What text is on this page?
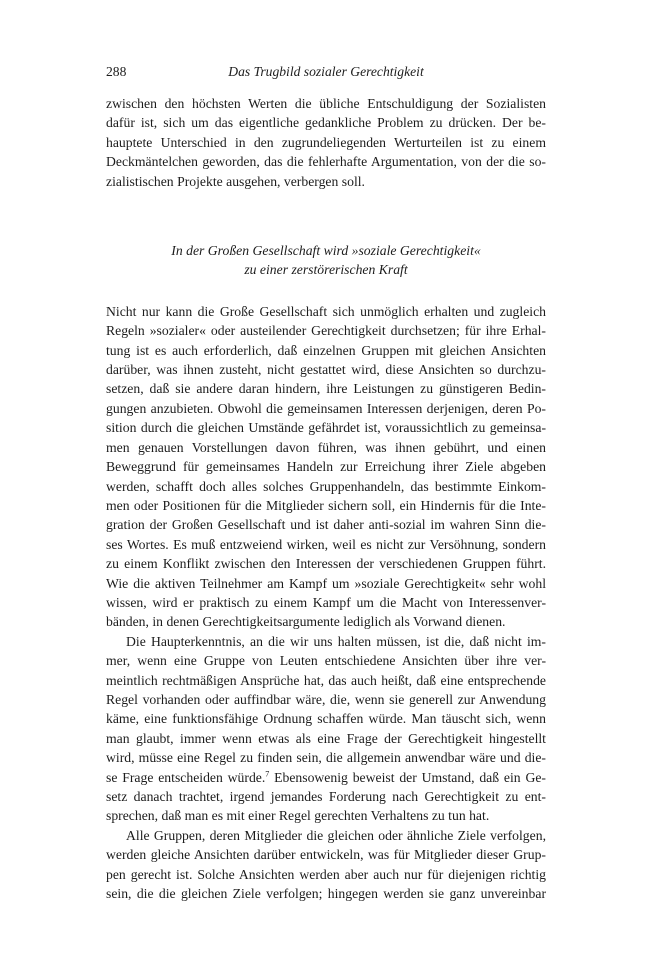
288	Das Trugbild sozialer Gerechtigkeit

zwischen den höchsten Werten die übliche Entschuldigung der Sozialisten
dafür ist, sich um das eigentliche gedankliche Problem zu drücken. Der be-
hauptete Unterschied in den zugrundeliegenden Werturteilen ist zu einem
Deckmäntelchen geworden, das die fehlerhafte Argumentation, von der die so-
zialistischen Projekte ausgehen, verbergen soll.

In der Großen Gesellschaft wird »soziale Gerechtigkeit«
zu einer zerstörerischen Kraft

Nicht nur kann die Große Gesellschaft sich unmöglich erhalten und zugleich
Regeln »sozialer« oder austeilender Gerechtigkeit durchsetzen; für ihre Erhal-
tung ist es auch erforderlich, daß einzelnen Gruppen mit gleichen Ansichten
darüber, was ihnen zusteht, nicht gestattet wird, diese Ansichten so durchzu-
setzen, daß sie andere daran hindern, ihre Leistungen zu günstigeren Bedin-
gungen anzubieten. Obwohl die gemeinsamen Interessen derjenigen, deren Po-
sition durch die gleichen Umstände gefährdet ist, voraussichtlich zu gemeinsa-
men genauen Vorstellungen davon führen, was ihnen gebührt, und einen
Beweggrund für gemeinsames Handeln zur Erreichung ihrer Ziele abgeben
werden, schafft doch alles solches Gruppenhandeln, das bestimmte Einkom-
men oder Positionen für die Mitglieder sichern soll, ein Hindernis für die Inte-
gration der Großen Gesellschaft und ist daher anti-sozial im wahren Sinn die-
ses Wortes. Es muß entzweiend wirken, weil es nicht zur Versöhnung, sondern
zu einem Konflikt zwischen den Interessen der verschiedenen Gruppen führt.
Wie die aktiven Teilnehmer am Kampf um »soziale Gerechtigkeit« sehr wohl
wissen, wird er praktisch zu einem Kampf um die Macht von Interessenver-
bänden, in denen Gerechtigkeitsargumente lediglich als Vorwand dienen.

Die Haupterkenntnis, an die wir uns halten müssen, ist die, daß nicht im-
mer, wenn eine Gruppe von Leuten entschiedene Ansichten über ihre ver-
meintlich rechtmäßigen Ansprüche hat, das auch heißt, daß eine entsprechende
Regel vorhanden oder auffindbar wäre, die, wenn sie generell zur Anwendung
käme, eine funktionsfähige Ordnung schaffen würde. Man täuscht sich, wenn
man glaubt, immer wenn etwas als eine Frage der Gerechtigkeit hingestellt
wird, müsse eine Regel zu finden sein, die allgemein anwendbar wäre und die-
se Frage entscheiden würde.$^7$ Ebensowenig beweist der Umstand, daß ein Ge-
setz danach trachtet, irgend jemandes Forderung nach Gerechtigkeit zu ent-
sprechen, daß man es mit einer Regel gerechten Verhaltens zu tun hat.

Alle Gruppen, deren Mitglieder die gleichen oder ähnliche Ziele verfolgen,
werden gleiche Ansichten darüber entwickeln, was für Mitglieder dieser Grup-
pen gerecht ist. Solche Ansichten werden aber auch nur für diejenigen richtig
sein, die die gleichen Ziele verfolgen; hingegen werden sie ganz unvereinbar
